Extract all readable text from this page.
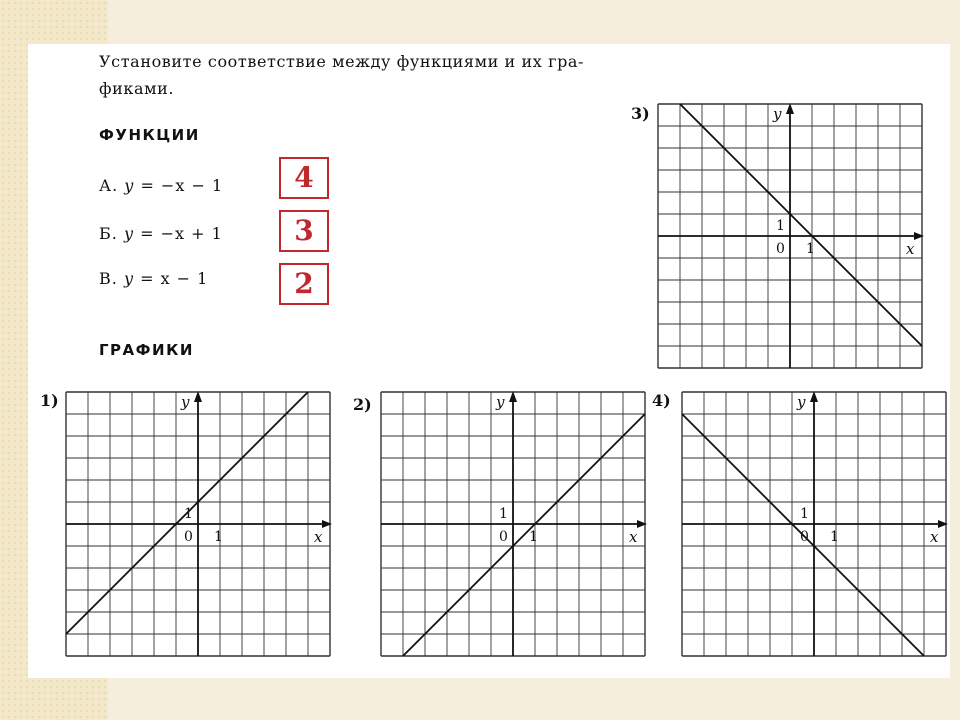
Установите соответствие между функциями и их гра-
фиками.
ФУНКЦИИ
А. y = −x − 1
Б. y = −x + 1
В. y = x − 1
4
3
2
ГРАФИКИ
1)	2)
3)
4)
x
y
0 1
1
x
y
0 1
1
x
y
0 1
1
x
y
0 1
1
